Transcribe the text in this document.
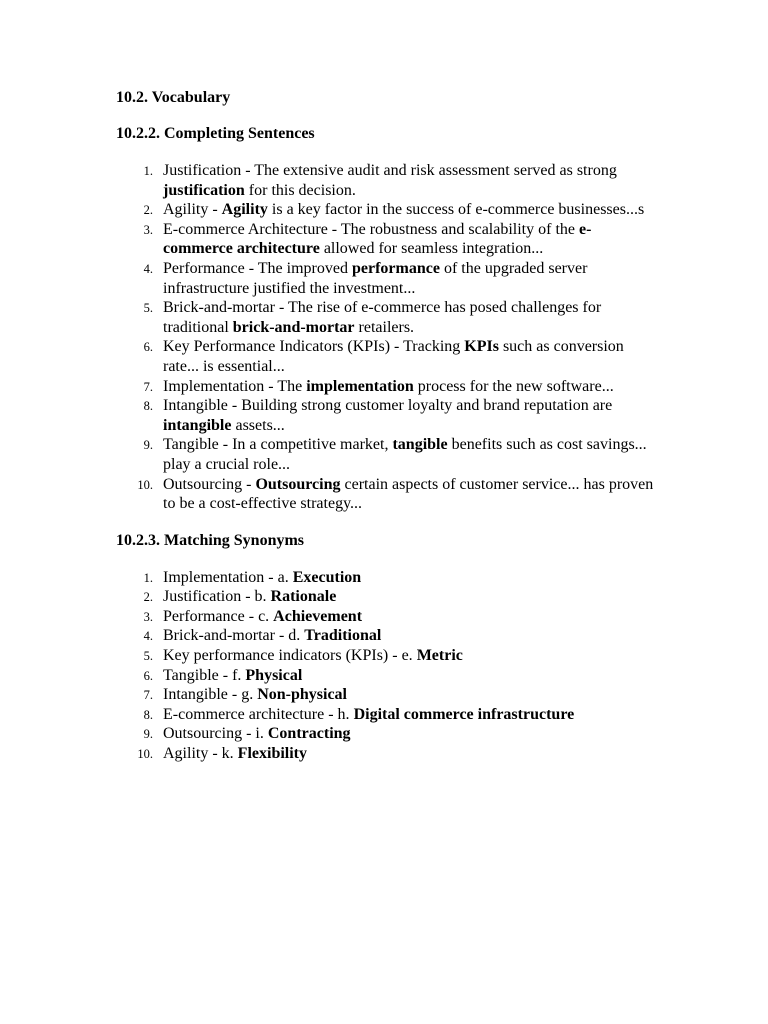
10.2. Vocabulary
10.2.2. Completing Sentences
1. Justification - The extensive audit and risk assessment served as strong justification for this decision.
2. Agility - Agility is a key factor in the success of e-commerce businesses...s
3. E-commerce Architecture - The robustness and scalability of the e-commerce architecture allowed for seamless integration...
4. Performance - The improved performance of the upgraded server infrastructure justified the investment...
5. Brick-and-mortar - The rise of e-commerce has posed challenges for traditional brick-and-mortar retailers.
6. Key Performance Indicators (KPIs) - Tracking KPIs such as conversion rate... is essential...
7. Implementation - The implementation process for the new software...
8. Intangible - Building strong customer loyalty and brand reputation are intangible assets...
9. Tangible - In a competitive market, tangible benefits such as cost savings... play a crucial role...
10. Outsourcing - Outsourcing certain aspects of customer service... has proven to be a cost-effective strategy...
10.2.3. Matching Synonyms
1. Implementation - a. Execution
2. Justification - b. Rationale
3. Performance - c. Achievement
4. Brick-and-mortar - d. Traditional
5. Key performance indicators (KPIs) - e. Metric
6. Tangible - f. Physical
7. Intangible - g. Non-physical
8. E-commerce architecture - h. Digital commerce infrastructure
9. Outsourcing - i. Contracting
10. Agility - k. Flexibility
